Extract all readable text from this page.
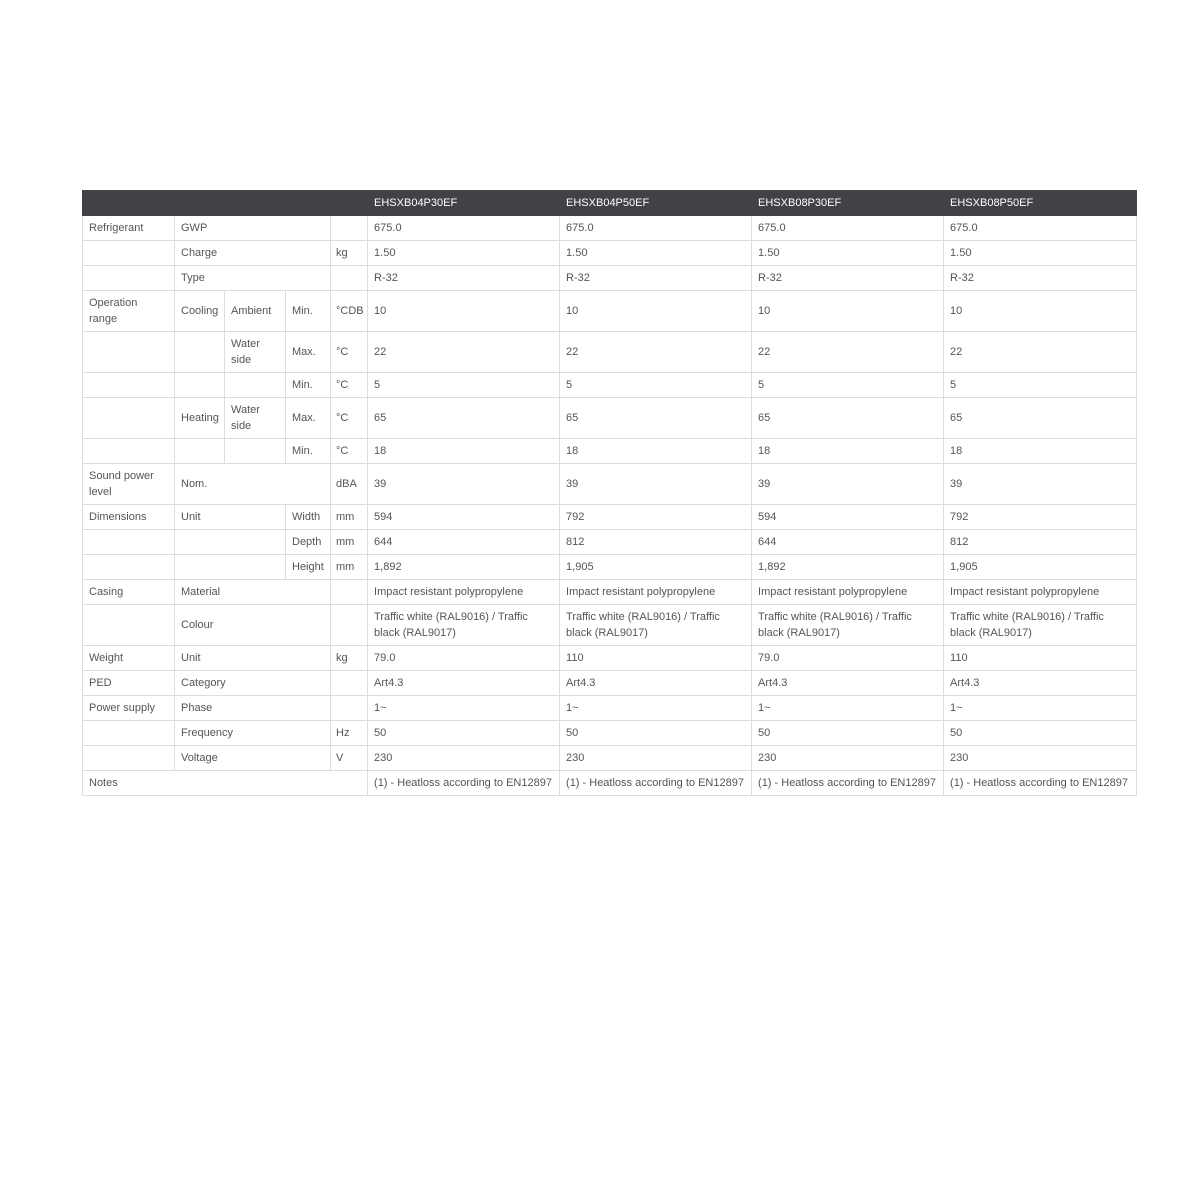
					EHSXB04P30EF	EHSXB04P50EF	EHSXB08P30EF	EHSXB08P50EF
Refrigerant	GWP				675.0	675.0	675.0	675.0
	Charge			kg	1.50	1.50	1.50	1.50
	Type				R-32	R-32	R-32	R-32
Operation range	Cooling	Ambient	Min.	°CDB	10	10	10	10
		Water side	Max.	°C	22	22	22	22
			Min.	°C	5	5	5	5
	Heating	Water side	Max.	°C	65	65	65	65
			Min.	°C	18	18	18	18
Sound power level	Nom.			dBA	39	39	39	39
Dimensions	Unit		Width	mm	594	792	594	792
			Depth	mm	644	812	644	812
			Height	mm	1,892	1,905	1,892	1,905
Casing	Material				Impact resistant polypropylene	Impact resistant polypropylene	Impact resistant polypropylene	Impact resistant polypropylene
	Colour				Traffic white (RAL9016) / Traffic black (RAL9017)	Traffic white (RAL9016) / Traffic black (RAL9017)	Traffic white (RAL9016) / Traffic black (RAL9017)	Traffic white (RAL9016) / Traffic black (RAL9017)
Weight	Unit			kg	79.0	110	79.0	110
PED	Category				Art4.3	Art4.3	Art4.3	Art4.3
Power supply	Phase				1~	1~	1~	1~
	Frequency			Hz	50	50	50	50
	Voltage			V	230	230	230	230
Notes					(1) - Heatloss according to EN12897	(1) - Heatloss according to EN12897	(1) - Heatloss according to EN12897	(1) - Heatloss according to EN12897
